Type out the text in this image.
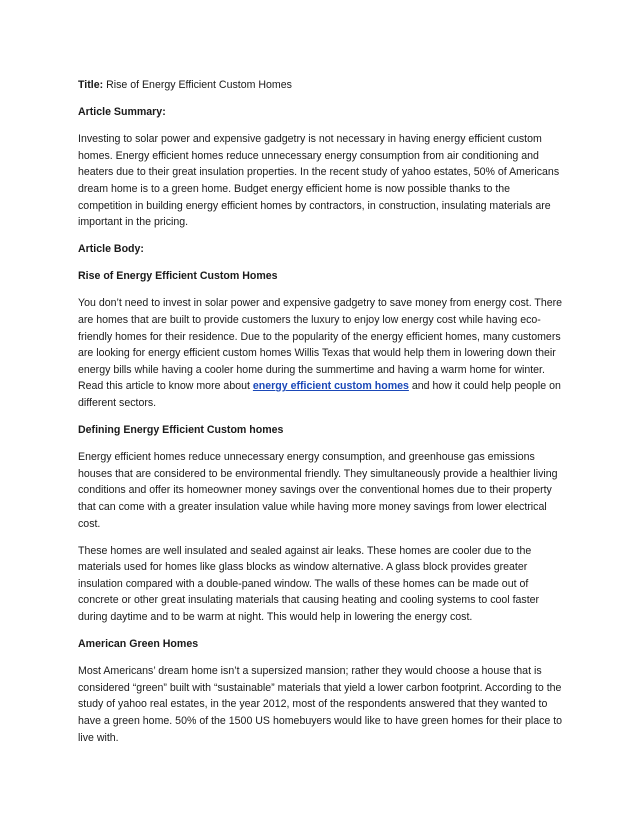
Title: Rise of Energy Efficient Custom Homes

Article Summary:

Investing to solar power and expensive gadgetry is not necessary in having energy efficient custom homes. Energy efficient homes reduce unnecessary energy consumption from air conditioning and heaters due to their great insulation properties. In the recent study of yahoo estates, 50% of Americans dream home is to a green home. Budget energy efficient home is now possible thanks to the competition in building energy efficient homes by contractors, in construction, insulating materials are important in the pricing.

Article Body:

Rise of Energy Efficient Custom Homes

You don’t need to invest in solar power and expensive gadgetry to save money from energy cost. There are homes that are built to provide customers the luxury to enjoy low energy cost while having eco-friendly homes for their residence. Due to the popularity of the energy efficient homes, many customers are looking for energy efficient custom homes Willis Texas that would help them in lowering down their energy bills while having a cooler home during the summertime and having a warm home for winter. Read this article to know more about energy efficient custom homes and how it could help people on different sectors.

Defining Energy Efficient Custom homes

Energy efficient homes reduce unnecessary energy consumption, and greenhouse gas emissions houses that are considered to be environmental friendly. They simultaneously provide a healthier living conditions and offer its homeowner money savings over the conventional homes due to their property that can come with a greater insulation value while having more money savings from lower electrical cost.

These homes are well insulated and sealed against air leaks. These homes are cooler due to the materials used for homes like glass blocks as window alternative. A glass block provides greater insulation compared with a double-paned window. The walls of these homes can be made out of concrete or other great insulating materials that causing heating and cooling systems to cool faster during daytime and to be warm at night. This would help in lowering the energy cost.

American Green Homes

Most Americans’ dream home isn’t a supersized mansion; rather they would choose a house that is considered “green” built with “sustainable” materials that yield a lower carbon footprint. According to the study of yahoo real estates, in the year 2012, most of the respondents answered that they wanted to have a green home. 50% of the 1500 US homebuyers would like to have green homes for their place to live with.
